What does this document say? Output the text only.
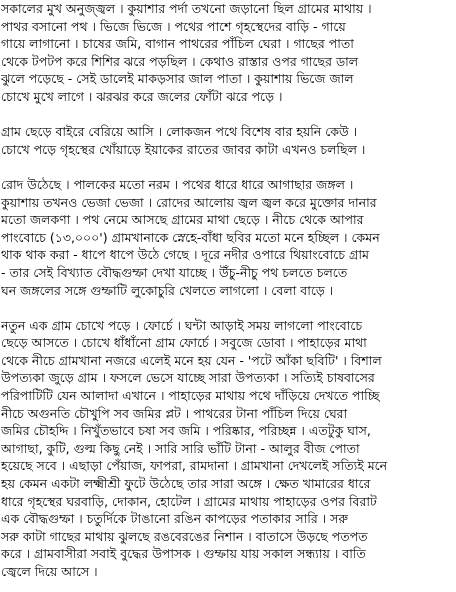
সকালের মুখ অনুজ্জ্বল । কুয়াশার পর্দা তখনো জড়ানো ছিল গ্রামের মাথায় ।
পাথর বসানো পথ । ভিজে ভিজে । পথের পাশে গৃহস্থেদের বাড়ি - গায়ে
গায়ে লাগানো । চাষের জমি, বাগান পাথরের পাঁচিল ঘেরা । গাছের পাতা
থেকে টপটপ করে শিশির ঝরে পড়ছিল । কেথাও রাস্তার ওপর গাছের ডাল
ঝুলে পড়েছে - সেই ডালেই মাকড়সার জাল পাতা । কুয়াশায় ভিজে জাল
চোখে মুখে লাগে । ঝরঝর করে জলের ফোঁটা ঝরে পড়ে ।
গ্রাম ছেড়ে বাইরে বেরিয়ে আসি । লোকজন পথে বিশেষ বার হয়নি কেউ ।
চোখে পড়ে গৃহস্থের খোঁয়াড়ে ইয়াকের রাতের জাবর কাটা এখনও চলছিল ।
রোদ উঠেছে । পালকের মতো নরম । পথের ধারে ধারে আগাছার জঙ্গল ।
কুয়াশায় তখনও ভেজা ভেজা । রোদের আলোয় জ্বল জ্বল করে মুক্তোর দানার
মতো জলকণা । পথ নেমে আসছে গ্রামের মাথা ছেড়ে । নীচে থেকে আপার
পাংবোচে (১৩,০০০') গ্রামখানাকে স্নেহে-বাঁধা ছবির মতো মনে হচ্ছিল । কেমন
থাক থাক করা - ধাপে ধাপে উঠে গেছে । দূরে নদীর ওপারে থিয়াংবোচে গ্রাম
- তার সেই বিখ্যাত বৌদ্ধগুম্ফা দেখা যাচ্ছে । উঁচু-নীচু পথ চলতে চলতে
ঘন জঙ্গলের সঙ্গে গুম্ফাটি লুকোচুরি খেলতে লাগলো । বেলা বাড়ে ।
নতুন এক গ্রাম চোখে পড়ে । ফোর্চে । ঘন্টা আড়াই সময় লাগলো পাংবোচে
ছেড়ে আসতে । চোখে ধাঁধাঁনো গ্রাম ফোর্চে । সবুজে ডোবা । পাহাড়ের মাথা
থেকে নীচে গ্রামখানা নজরে এলেই মনে হয় যেন - 'পটে আঁকা ছবিটি' । বিশাল
উপত্যকা জুড়ে গ্রাম । ফসলে ভেসে যাচ্ছে সারা উপত্যকা । সত্যিই চাষবাসের
পরিপাটিটি যেন আলাদা এখানে । পাহাড়ের মাথায় পথে দাঁড়িয়ে দেখতে পাচ্ছি
নীচে অগুনতি চৌখুপি সব জমির প্লট । পাথরের টানা পাঁচিল দিয়ে ঘেরা
জমির চৌহদ্দি । নিখুঁতভাবে চষা সব জমি । পরিষ্কার, পরিচ্ছন্ন । এতটুকু ঘাস,
আগাছা, কুটি, গুল্ম কিছু নেই । সারি সারি ভাঁটি টানা - আলুর বীজ পোতা
হয়েছে সবে । এছাড়া পেঁয়াজ, ফাপরা, রামদানা । গ্রামখানা দেখলেই সত্যিই মনে
হয় কেমন একটা লক্ষ্মীশ্রী ফুটে উঠেছে তার সারা অঙ্গে । ক্ষেত খামারের ধারে
ধারে গৃহস্থের ঘরবাড়ি, দোকান, হোটেল । গ্রামের মাথায় পাহাড়ের ওপর বিরাট
এক বৌদ্ধগুম্ফা । চতুর্দিকে টাঙানো রঙিন কাপড়ের পতাকার সারি । সরু
সরু কাটা গাছের মাথায় ঝুলছে রঙবেরঙের নিশান । বাতাসে উড়ছে পতপত
করে । গ্রামবাসীরা সবাই বুদ্ধের উপাসক । গুম্ফায় যায় সকাল সন্ধ্যায় । বাতি
জ্বেলে দিয়ে আসে ।
